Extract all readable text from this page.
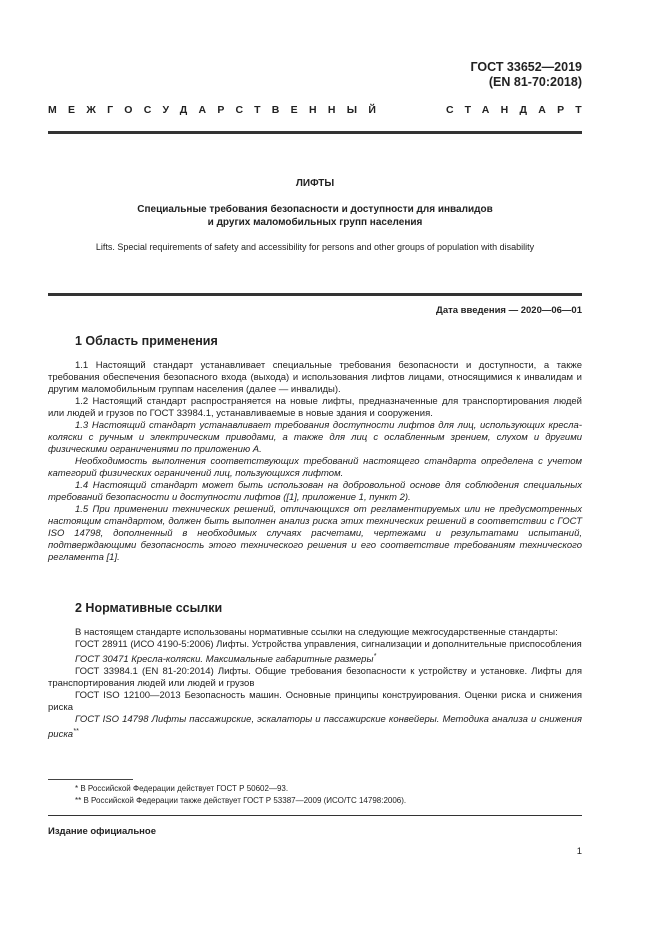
ГОСТ 33652—2019
(EN 81-70:2018)
МЕЖГОСУДАРСТВЕННЫЙ	СТАНДАРТ
ЛИФТЫ
Специальные требования безопасности и доступности для инвалидов
и других маломобильных групп населения
Lifts. Special requirements of safety and accessibility for persons and other groups of population with disability
Дата введения — 2020—06—01
1 Область применения

1.1 Настоящий стандарт устанавливает специальные требования безопасности и доступности, а также требования обеспечения безопасного входа (выхода) и использования лифтов лицами, относящимися к инвалидам и другим маломобильным группам населения (далее — инвалиды).

1.2 Настоящий стандарт распространяется на новые лифты, предназначенные для транспортирования людей или людей и грузов по ГОСТ 33984.1, устанавливаемые в новые здания и сооружения.

1.3 Настоящий стандарт устанавливает требования доступности лифтов для лиц, использующих кресла-коляски с ручным и электрическим приводами, а также для лиц с ослабленным зрением, слухом и другими физическими ограничениями по приложению А.

Необходимость выполнения соответствующих требований настоящего стандарта определена с учетом категорий физических ограничений лиц, пользующихся лифтом.

1.4 Настоящий стандарт может быть использован на добровольной основе для соблюдения специальных требований безопасности и доступности лифтов ([1], приложение 1, пункт 2).

1.5 При применении технических решений, отличающихся от регламентируемых или не предусмотренных настоящим стандартом, должен быть выполнен анализ риска этих технических решений в соответствии с ГОСТ ISO 14798, дополненный в необходимых случаях расчетами, чертежами и результатами испытаний, подтверждающими безопасность этого технического решения и его соответствие требованиям технического регламента [1].

2 Нормативные ссылки

В настоящем стандарте использованы нормативные ссылки на следующие межгосударственные стандарты:

ГОСТ 28911 (ИСО 4190-5:2006) Лифты. Устройства управления, сигнализации и дополнительные приспособления

ГОСТ 30471 Кресла-коляски. Максимальные габаритные размеры*

ГОСТ 33984.1 (EN 81-20:2014) Лифты. Общие требования безопасности к устройству и установке. Лифты для транспортирования людей или людей и грузов

ГОСТ ISO 12100—2013 Безопасность машин. Основные принципы конструирования. Оценки риска и снижения риска

ГОСТ ISO 14798 Лифты пассажирские, эскалаторы и пассажирские конвейеры. Методика анализа и снижения риска**

* В Российской Федерации действует ГОСТ Р 50602—93.
** В Российской Федерации также действует ГОСТ Р 53387—2009 (ИСО/ТС 14798:2006).
Издание официальное
1
